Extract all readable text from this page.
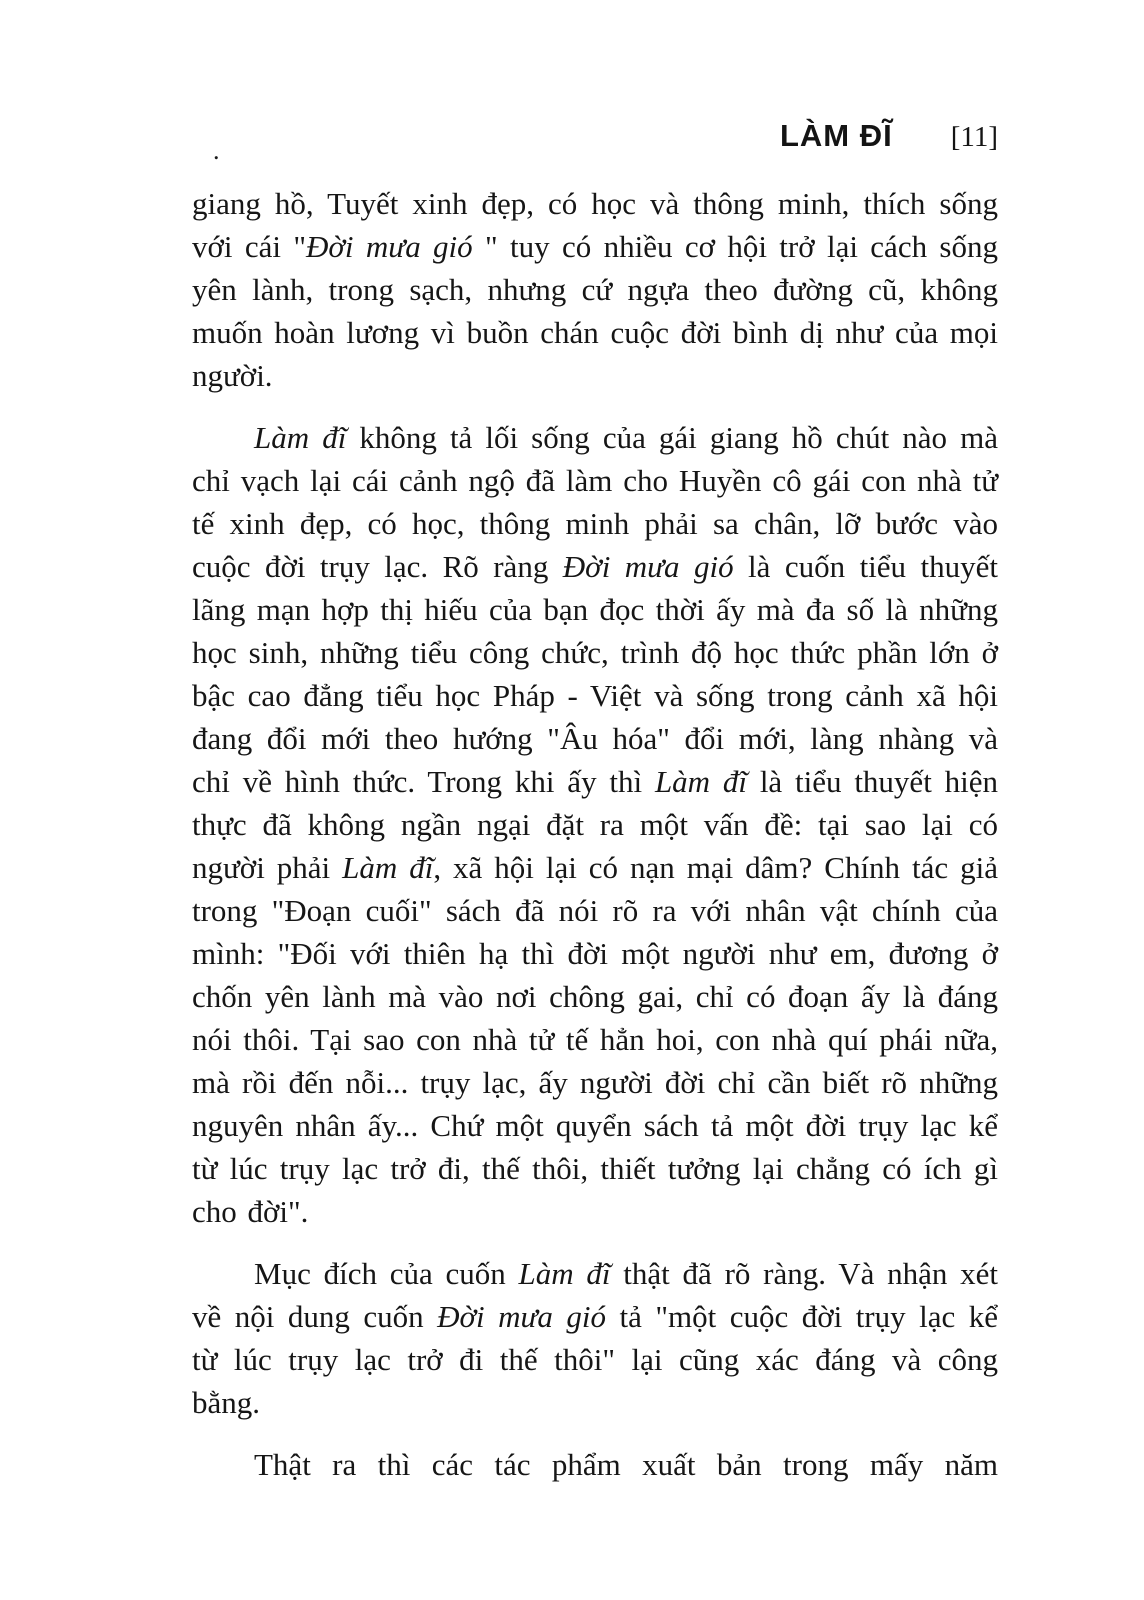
LÀM ĐĨ [11]
.

giang hồ, Tuyết xinh đẹp, có học và thông minh, thích sống với cái "Đời mưa gió " tuy có nhiều cơ hội trở lại cách sống yên lành, trong sạch, nhưng cứ ngựa theo đường cũ, không muốn hoàn lương vì buồn chán cuộc đời bình dị như của mọi người.

Làm đĩ không tả lối sống của gái giang hồ chút nào mà chỉ vạch lại cái cảnh ngộ đã làm cho Huyền cô gái con nhà tử tế xinh đẹp, có học, thông minh phải sa chân, lỡ bước vào cuộc đời trụy lạc. Rõ ràng Đời mưa gió là cuốn tiểu thuyết lãng mạn hợp thị hiếu của bạn đọc thời ấy mà đa số là những học sinh, những tiểu công chức, trình độ học thức phần lớn ở bậc cao đẳng tiểu học Pháp - Việt và sống trong cảnh xã hội đang đổi mới theo hướng "Âu hóa" đổi mới, làng nhàng và chỉ về hình thức. Trong khi ấy thì Làm đĩ là tiểu thuyết hiện thực đã không ngần ngại đặt ra một vấn đề: tại sao lại có người phải Làm đĩ, xã hội lại có nạn mại dâm? Chính tác giả trong "Đoạn cuối" sách đã nói rõ ra với nhân vật chính của mình: "Đối với thiên hạ thì đời một người như em, đương ở chốn yên lành mà vào nơi chông gai, chỉ có đoạn ấy là đáng nói thôi. Tại sao con nhà tử tế hẳn hoi, con nhà quí phái nữa, mà rồi đến nỗi... trụy lạc, ấy người đời chỉ cần biết rõ những nguyên nhân ấy... Chứ một quyển sách tả một đời trụy lạc kể từ lúc trụy lạc trở đi, thế thôi, thiết tưởng lại chẳng có ích gì cho đời".

Mục đích của cuốn Làm đĩ thật đã rõ ràng. Và nhận xét về nội dung cuốn Đời mưa gió tả "một cuộc đời trụy lạc kể từ lúc trụy lạc trở đi thế thôi" lại cũng xác đáng và công bằng.

Thật ra thì các tác phẩm xuất bản trong mấy năm
